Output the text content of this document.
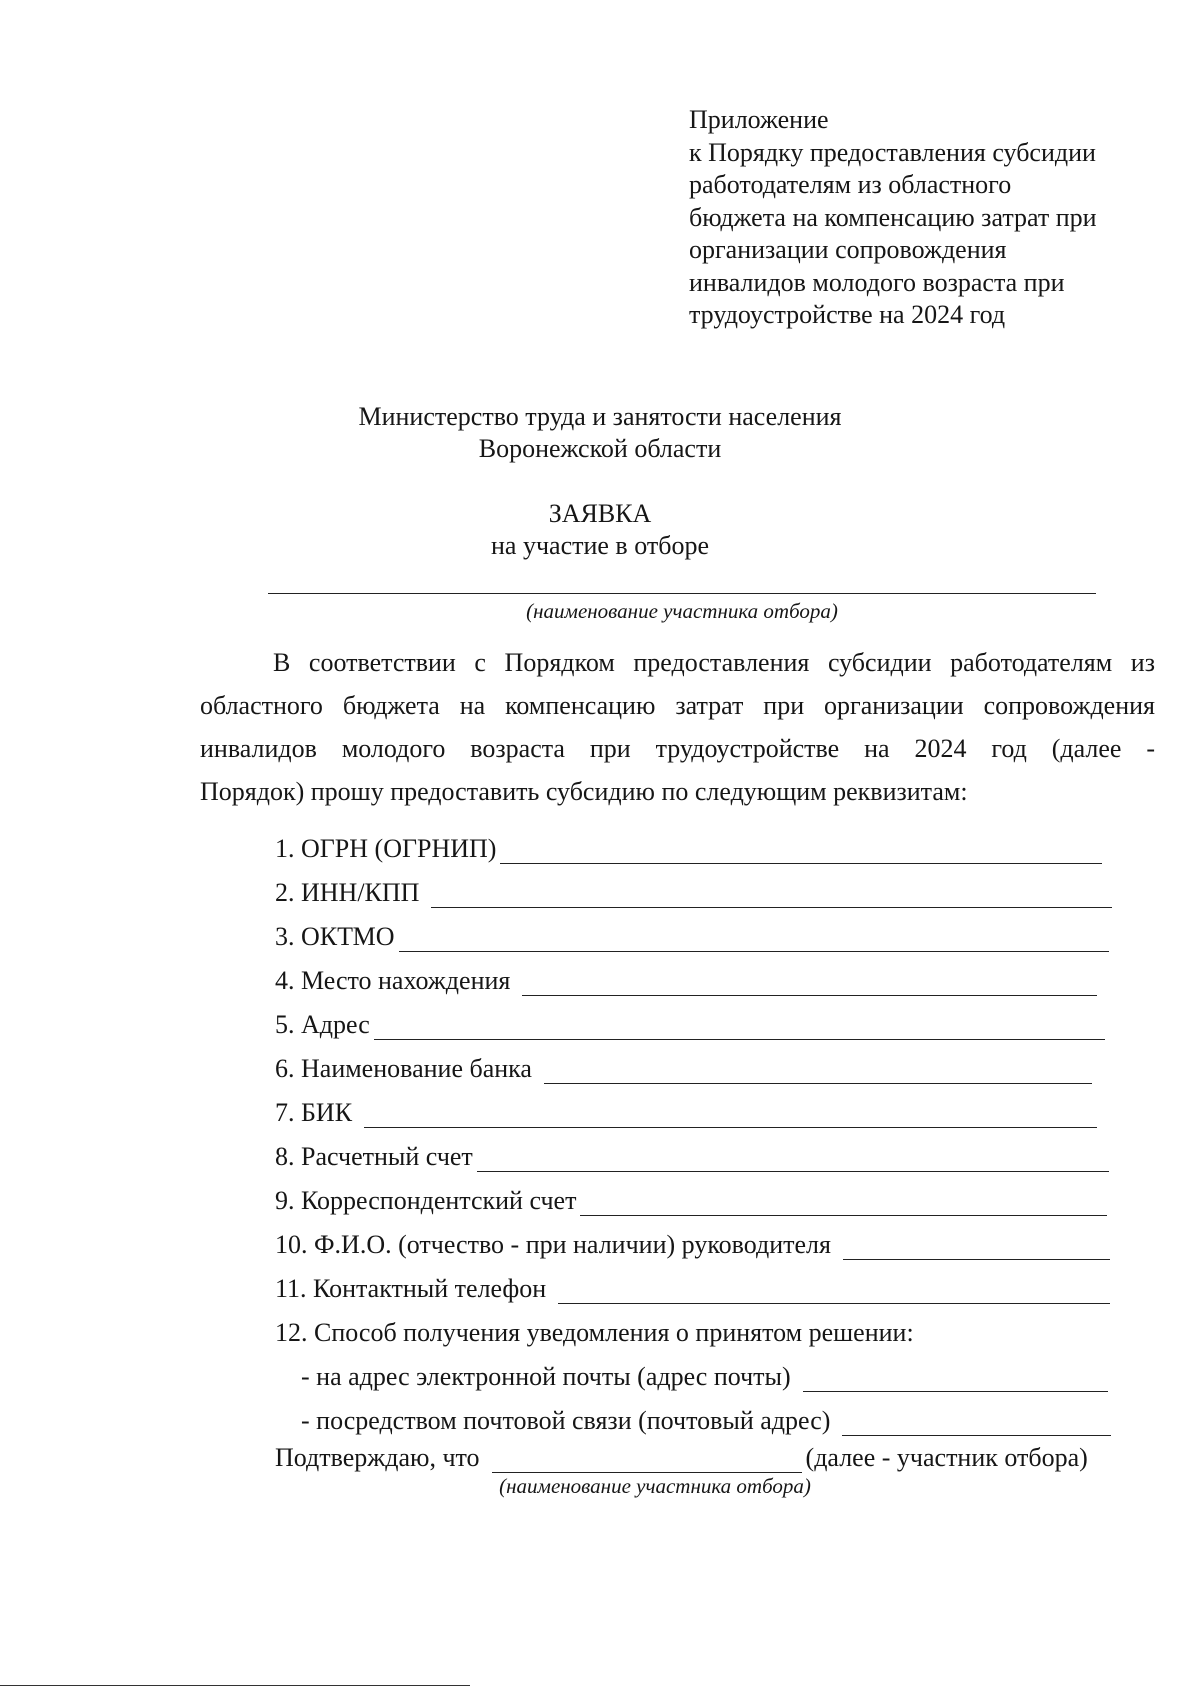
Приложение
к Порядку предоставления субсидии
работодателям из областного
бюджета на компенсацию затрат при
организации сопровождения
инвалидов молодого возраста при
трудоустройстве на 2024 год
Министерство труда и занятости населения
Воронежской области
ЗАЯВКА
на участие в отборе
(наименование участника отбора)
В соответствии с Порядком предоставления субсидии работодателям из
областного бюджета на компенсацию затрат при организации сопровождения
инвалидов молодого возраста при трудоустройстве на 2024 год (далее -
Порядок) прошу предоставить субсидию по следующим реквизитам:
1. ОГРН (ОГРНИП)
2. ИНН/КПП
3. ОКТМО
4. Место нахождения
5. Адрес
6. Наименование банка
7. БИК
8. Расчетный счет
9. Корреспондентский счет
10. Ф.И.О. (отчество - при наличии) руководителя
11. Контактный телефон
12. Способ получения уведомления о принятом решении:
- на адрес электронной почты (адрес почты)
- посредством почтовой связи (почтовый адрес)
Подтверждаю, что	(далее - участник отбора)
(наименование участника отбора)
